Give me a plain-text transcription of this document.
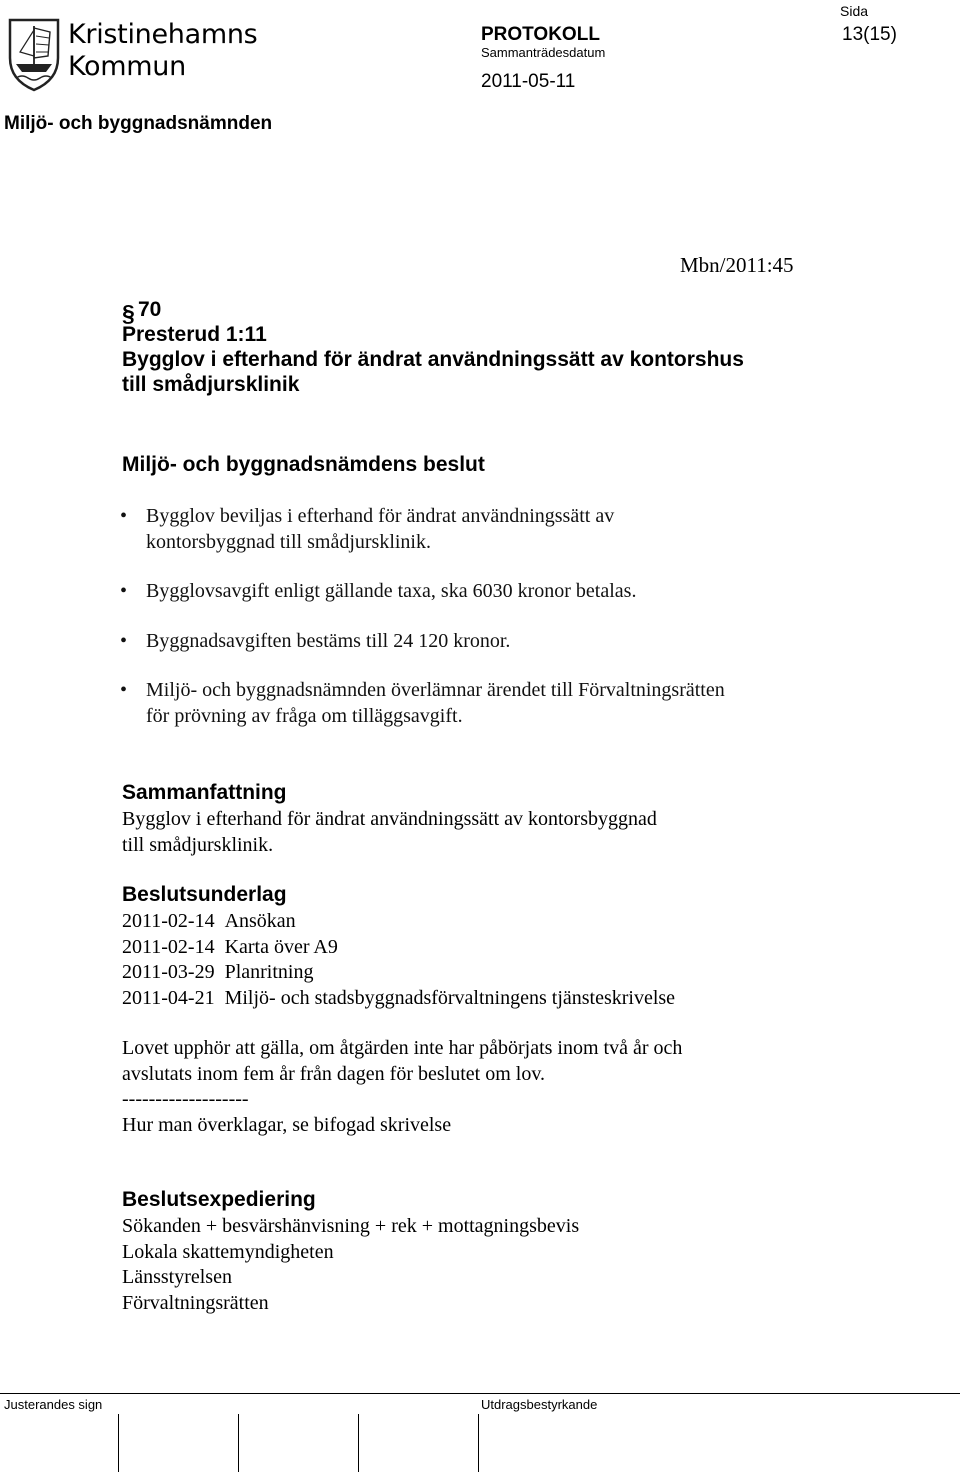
Kristinehamns
Kommun
PROTOKOLL
Sammanträdesdatum
2011-05-11
Sida
13(15)
Miljö- och byggnadsnämnden
Mbn/2011:45
§ 70
Presterud 1:11
Bygglov i efterhand för ändrat användningssätt av kontorshus
till smådjursklinik
Miljö- och byggnadsnämdens beslut
• Bygglov beviljas i efterhand för ändrat användningssätt av
kontorsbyggnad till smådjursklinik.
• Bygglovsavgift enligt gällande taxa, ska 6030 kronor betalas.
• Byggnadsavgiften bestäms till 24 120 kronor.
• Miljö- och byggnadsnämnden överlämnar ärendet till Förvaltningsrätten
för prövning av fråga om tilläggsavgift.
Sammanfattning
Bygglov i efterhand för ändrat användningssätt av kontorsbyggnad
till smådjursklinik.
Beslutsunderlag
2011-02-14 Ansökan
2011-02-14 Karta över A9
2011-03-29 Planritning
2011-04-21 Miljö- och stadsbyggnadsförvaltningens tjänsteskrivelse
Lovet upphör att gälla, om åtgärden inte har påbörjats inom två år och
avslutats inom fem år från dagen för beslutet om lov.
-------------------
Hur man överklagar, se bifogad skrivelse
Beslutsexpediering
Sökanden + besvärshänvisning + rek + mottagningsbevis
Lokala skattemyndigheten
Länsstyrelsen
Förvaltningsrätten
Justerandes sign	Utdragsbestyrkande
